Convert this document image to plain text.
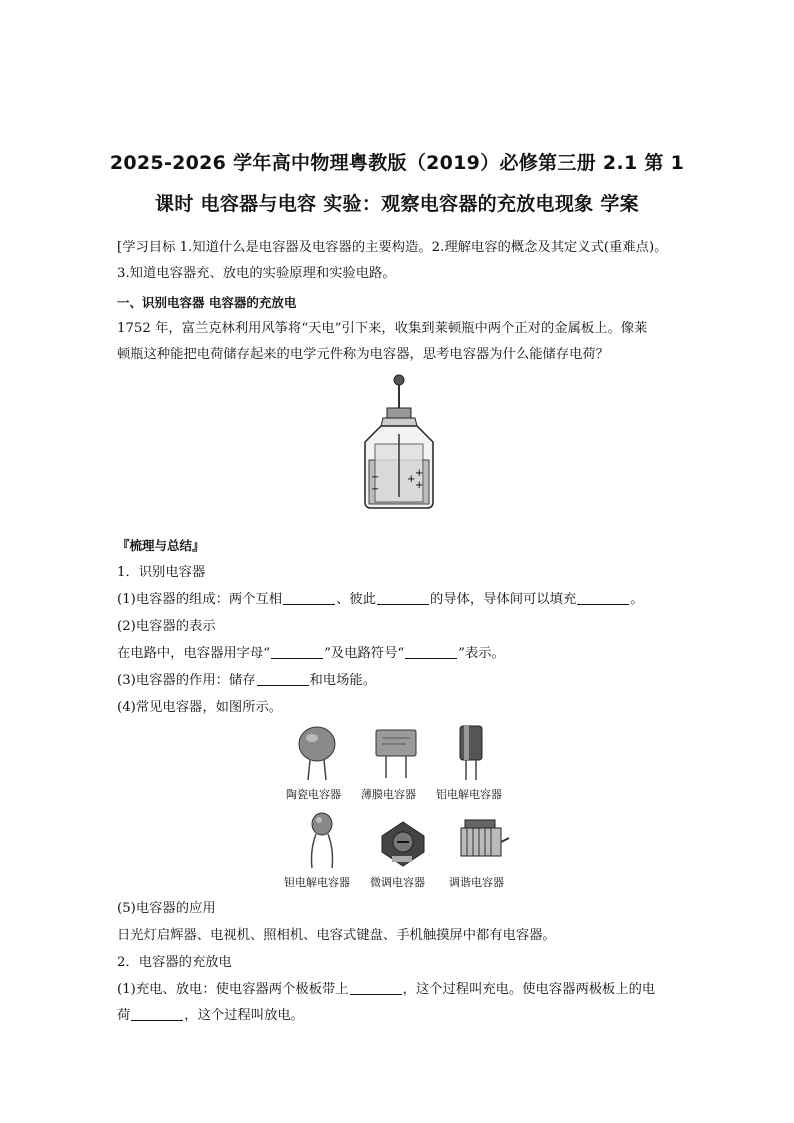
2025-2026 学年高中物理粤教版（2019）必修第三册 2.1 第 1
课时 电容器与电容 实验：观察电容器的充放电现象 学案
[学习目标 1.知道什么是电容器及电容器的主要构造。2.理解电容的概念及其定义式(重难点)。
3.知道电容器充、放电的实验原理和实验电路。
一、识别电容器 电容器的充放电
1752 年，富兰克林利用风筝将“天电”引下来，收集到莱顿瓶中两个正对的金属板上。像莱
顿瓶这种能把电荷储存起来的电学元件称为电容器，思考电容器为什么能储存电荷？
−
−
+
+
+
『梳理与总结』
1．识别电容器
(1)电容器的组成：两个互相	、彼此	的导体，导体间可以填充	。
(2)电容器的表示
在电路中，电容器用字母“	”及电路符号“	”表示。
(3)电容器的作用：储存	和电场能。
(4)常见电容器，如图所示。
陶瓷电容器 薄膜电容器 铝电解电容器
钽电解电容器 微调电容器 调谐电容器
(5)电容器的应用
日光灯启辉器、电视机、照相机、电容式键盘、手机触摸屏中都有电容器。
2．电容器的充放电
(1)充电、放电：使电容器两个极板带上	，这个过程叫充电。使电容器两极板上的电
荷	，这个过程叫放电。
